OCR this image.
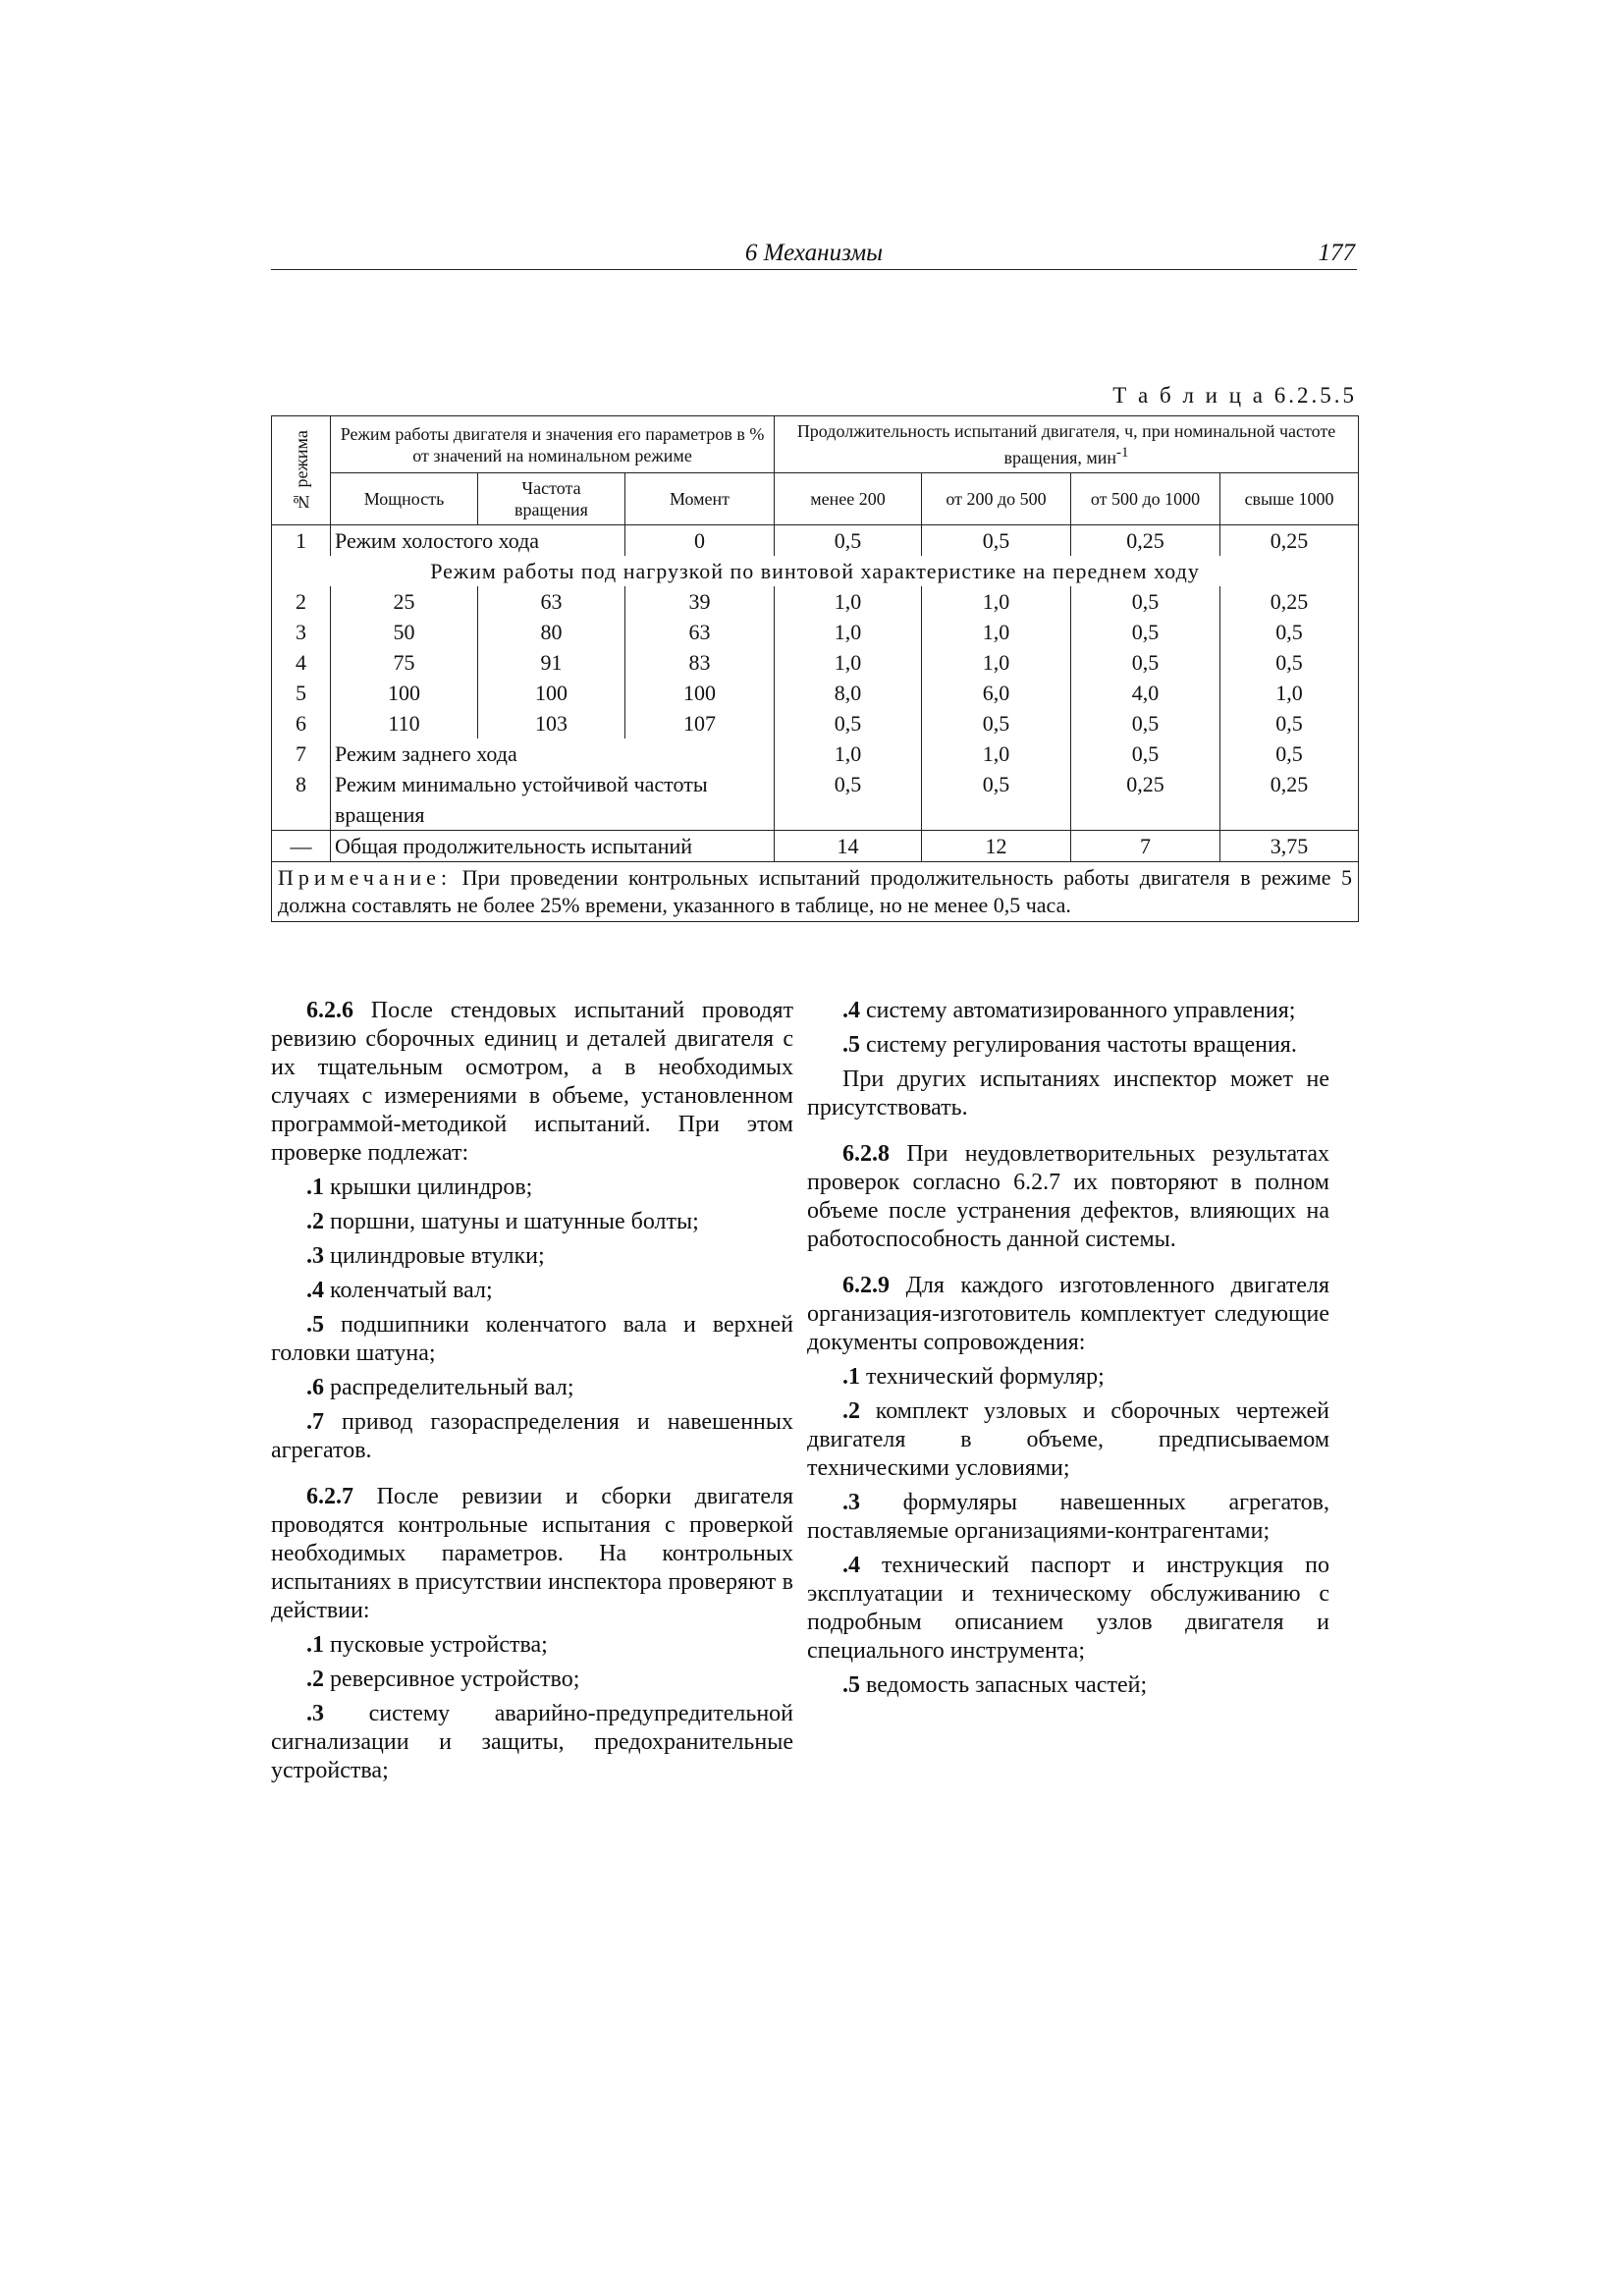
6 Механизмы	177
Т а б л и ц а 6.2.5.5
№ режима	Режим работы двигателя и значения его параметров в % от значений на номинальном режиме			Продолжительность испытаний двигателя, ч, при номинальной частоте вращения, мин$^{-1}$
	Мощность	Частота вращения	Момент	менее 200	от 200 до 500	от 500 до 1000	свыше 1000
1	Режим холостого хода		0	0,5	0,5	0,25	0,25
Режим работы под нагрузкой по винтовой характеристике на переднем ходу							
2	25	63	39	1,0	1,0	0,5	0,25
3	50	80	63	1,0	1,0	0,5	0,5
4	75	91	83	1,0	1,0	0,5	0,5
5	100	100	100	8,0	6,0	4,0	1,0
6	110	103	107	0,5	0,5	0,5	0,5
7	Режим заднего хода			1,0	1,0	0,5	0,5
8	Режим минимально устойчивой частоты вращения			0,5	0,5	0,25	0,25
—	Общая продолжительность испытаний			14	12	7	3,75
Примечание: При проведении контрольных испытаний продолжительность работы двигателя в режиме 5 должна составлять не более 25% времени, указанного в таблице, но не менее 0,5 часа.							

6.2.6 После стендовых испытаний проводят ревизию сборочных единиц и деталей двигателя с их тщательным осмотром, а в необходимых случаях с измерениями в объеме, установленном программой-методикой испытаний. При этом проверке подлежат:

.1 крышки цилиндров;

.2 поршни, шатуны и шатунные болты;

.3 цилиндровые втулки;

.4 коленчатый вал;

.5 подшипники коленчатого вала и верхней головки шатуна;

.6 распределительный вал;

.7 привод газораспределения и навешенных агрегатов.

6.2.7 После ревизии и сборки двигателя проводятся контрольные испытания с проверкой необходимых параметров. На контрольных испытаниях в присутствии инспектора проверяют в действии:

.1 пусковые устройства;

.2 реверсивное устройство;

.3 систему аварийно-предупредительной сигнализации и защиты, предохранительные устройства;

.4 систему автоматизированного управления;

.5 систему регулирования частоты вращения.

При других испытаниях инспектор может не присутствовать.

6.2.8 При неудовлетворительных результатах проверок согласно 6.2.7 их повторяют в полном объеме после устранения дефектов, влияющих на работоспособность данной системы.

6.2.9 Для каждого изготовленного двигателя организация-изготовитель комплектует следующие документы сопровождения:

.1 технический формуляр;

.2 комплект узловых и сборочных чертежей двигателя в объеме, предписываемом техническими условиями;

.3 формуляры навешенных агрегатов, поставляемые организациями-контрагентами;

.4 технический паспорт и инструкция по эксплуатации и техническому обслуживанию с подробным описанием узлов двигателя и специального инструмента;

.5 ведомость запасных частей;
